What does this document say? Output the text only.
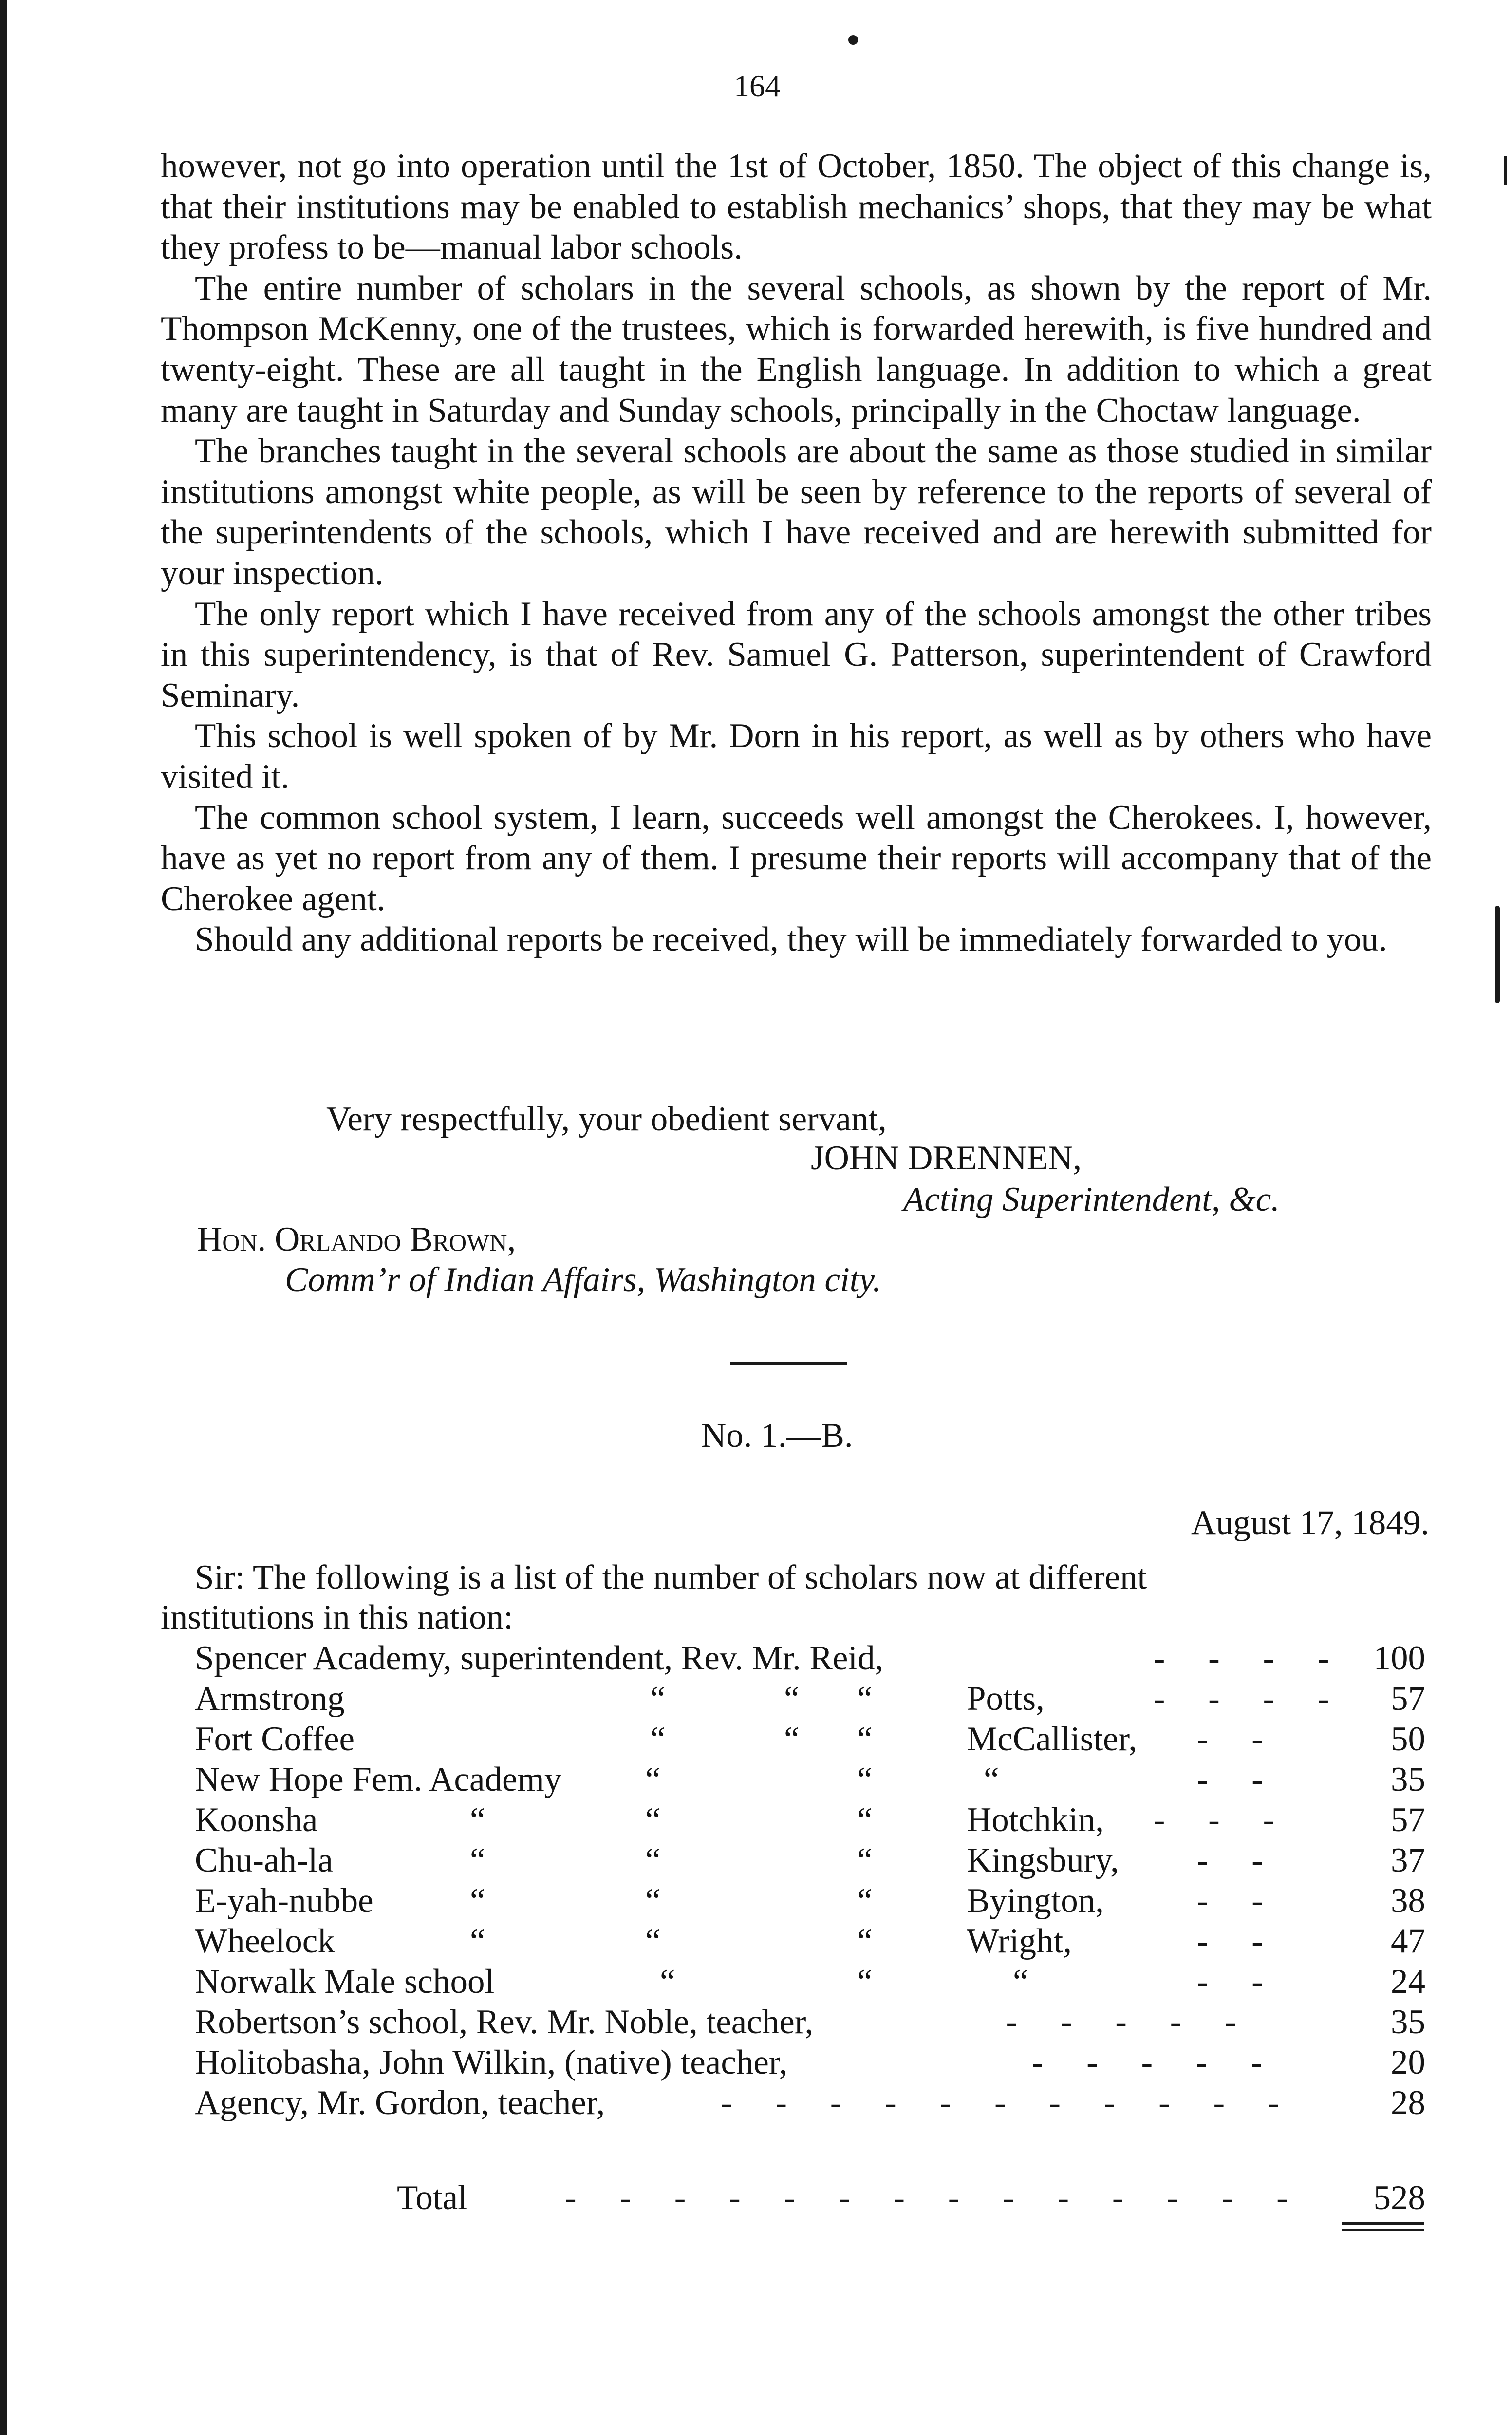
164

however, not go into operation until the 1st of October, 1850. The object of this change is, that their institutions may be enabled to establish mechanics’ shops, that they may be what they profess to be—manual labor schools.

The entire number of scholars in the several schools, as shown by the report of Mr. Thompson McKenny, one of the trustees, which is forwarded herewith, is five hundred and twenty-eight. These are all taught in the English language. In addition to which a great many are taught in Saturday and Sunday schools, principally in the Choctaw language.

The branches taught in the several schools are about the same as those studied in similar institutions amongst white people, as will be seen by reference to the reports of several of the superintendents of the schools, which I have received and are herewith submitted for your inspection.

The only report which I have received from any of the schools amongst the other tribes in this superintendency, is that of Rev. Samuel G. Patterson, superintendent of Crawford Seminary.

This school is well spoken of by Mr. Dorn in his report, as well as by others who have visited it.

The common school system, I learn, succeeds well amongst the Cherokees. I, however, have as yet no report from any of them. I presume their reports will accompany that of the Cherokee agent.

Should any additional reports be received, they will be immediately forwarded to you.

Very respectfully, your obedient servant,
JOHN DRENNEN,
Acting Superintendent, &c.
Hon. Orlando Brown,
Comm’r of Indian Affairs, Washington city.
No. 1.—B.
August 17, 1849.
Sir: The following is a list of the number of scholars now at different
institutions in this nation:
Spencer Academy, superintendent, Rev. Mr. Reid,	-     -     -     - 100
Armstrong	“	“ “	Potts, -     -     -     - 57
Fort Coffee	“	“ “	McCallister, -     -	50
New Hope Fem. Academy “	“	“	-     -	35
Koonsha	“	“	“	Hotchkin, -     -     -	57
Chu-ah-la	“	“	“	Kingsbury, -     -	37
E-yah-nubbe	“	“	“	Byington, -     -	38
Wheelock	“	“	“	Wright,	-     -	47
Norwalk Male school	“	“	“	-     -	24
Robertson’s school, Rev. Mr. Noble, teacher,	-     -     -     -     -	35
Holitobasha, John Wilkin, (native) teacher,	-     -     -     -     -	20
Agency, Mr. Gordon, teacher,	-     -     -     -     -     -     -     -     -     -     -	28
Total	-     -     -     -     -     -     -     -     -     -     -     -     -     - 528
